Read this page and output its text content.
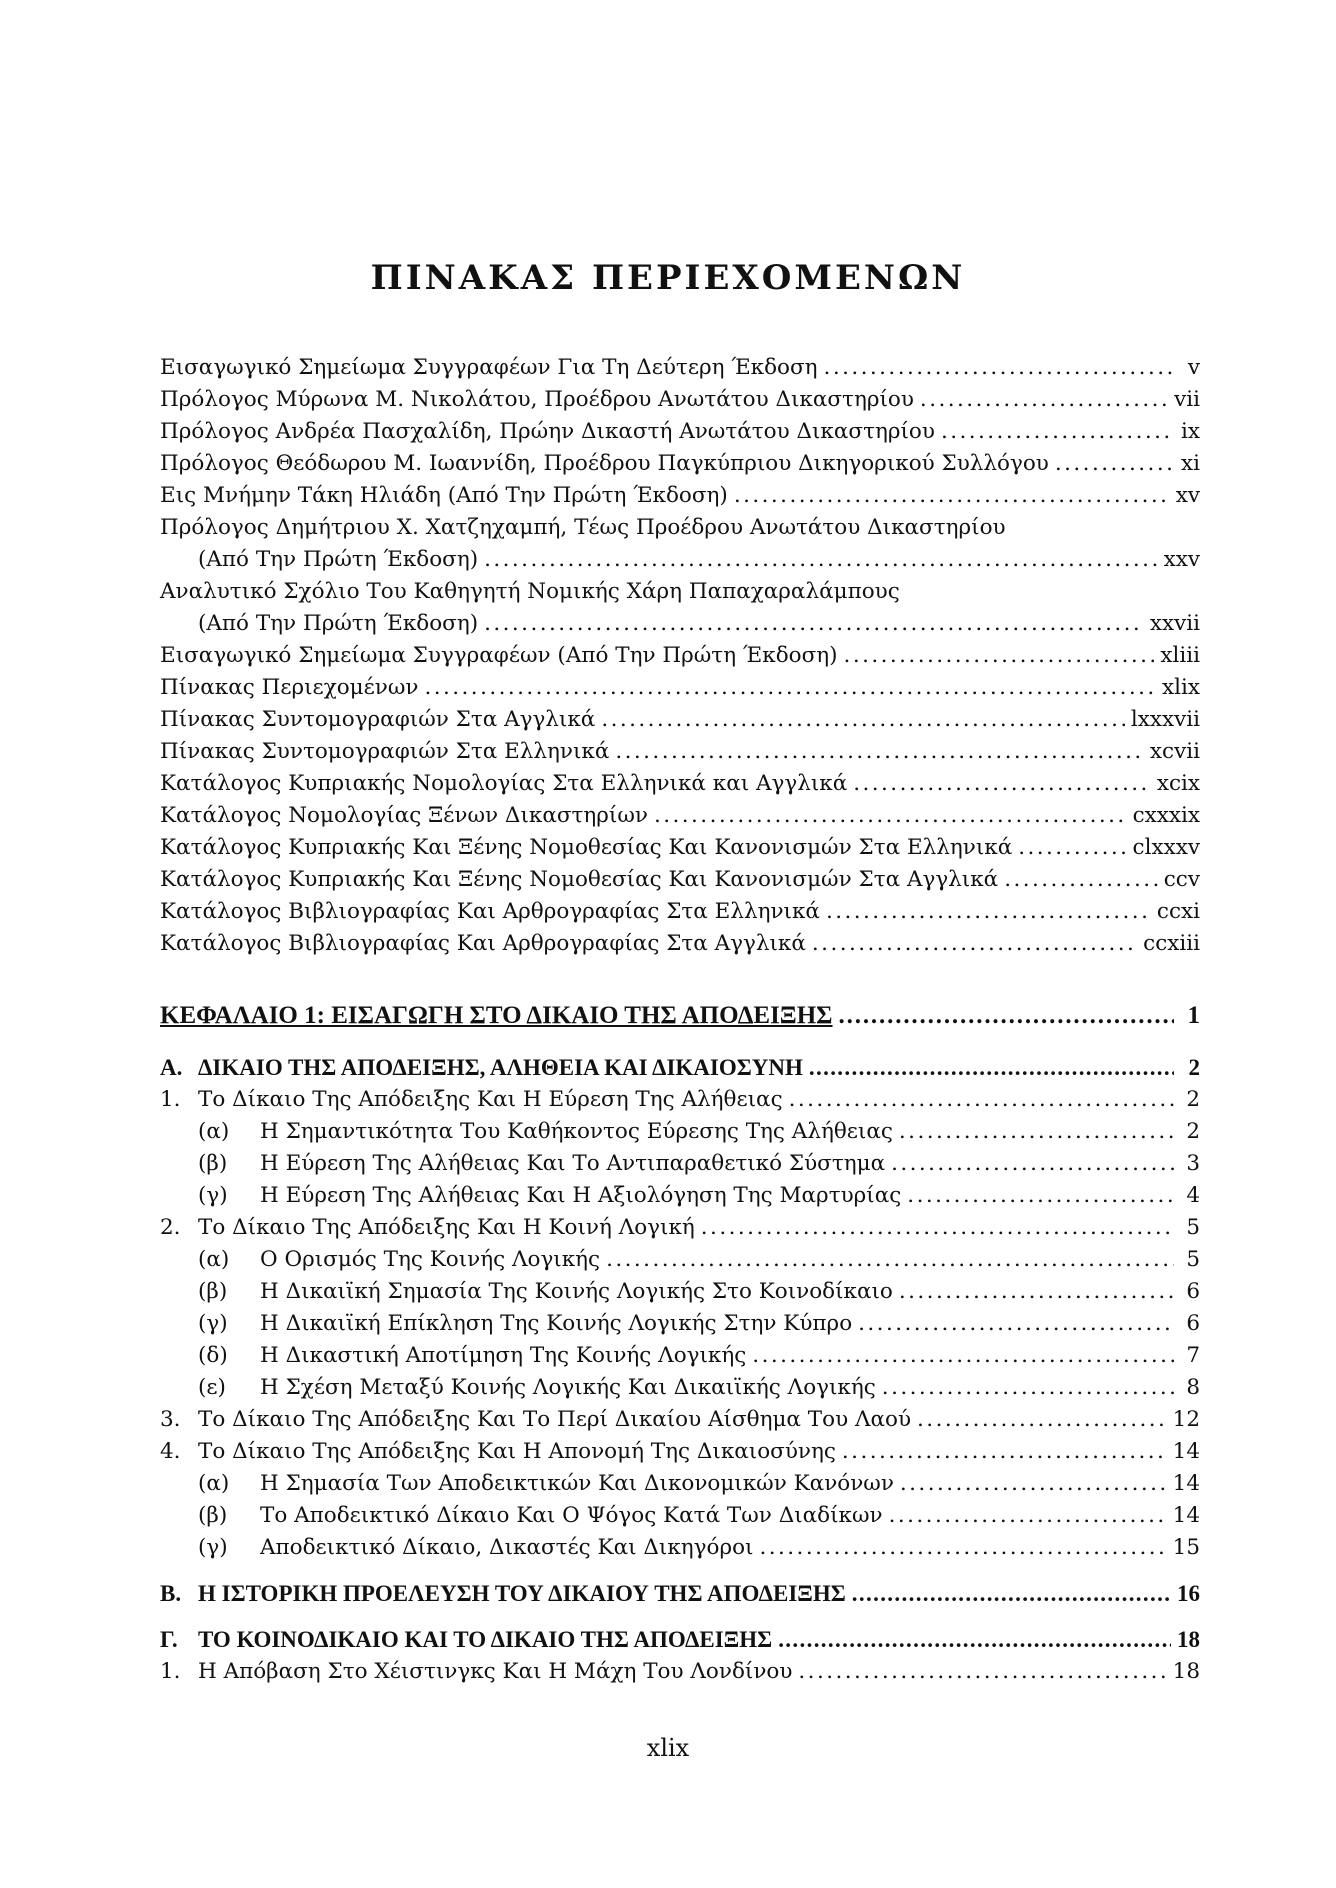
ΠΙΝΑΚΑΣ ΠΕΡΙΕΧΟΜΕΝΩΝ
Εισαγωγικό Σημείωμα Συγγραφέων Για Τη Δεύτερη Έκδοση . . .	v
Πρόλογος Μύρωνα Μ. Νικολάτου, Προέδρου Ανωτάτου Δικαστηρίου . . .	vii
Πρόλογος Ανδρέα Πασχαλίδη, Πρώην Δικαστή Ανωτάτου Δικαστηρίου . . .	ix
Πρόλογος Θεόδωρου Μ. Ιωαννίδη, Προέδρου Παγκύπριου Δικηγορικού Συλλόγου . . .	xi
Εις Μνήμην Τάκη Ηλιάδη (Από Την Πρώτη Έκδοση) . . .	xv
Πρόλογος Δημήτριου Χ. Χατζηχαμπή, Τέως Προέδρου Ανωτάτου Δικαστηρίου
(Από Την Πρώτη Έκδοση) . . .	xxv
Αναλυτικό Σχόλιο Του Καθηγητή Νομικής Χάρη Παπαχαραλάμπους
(Από Την Πρώτη Έκδοση) . . .	xxvii
Εισαγωγικό Σημείωμα Συγγραφέων (Από Την Πρώτη Έκδοση) . . .	xliii
Πίνακας Περιεχομένων . . .	xlix
Πίνακας Συντομογραφιών Στα Αγγλικά . . .	lxxxvii
Πίνακας Συντομογραφιών Στα Ελληνικά . . .	xcvii
Κατάλογος Κυπριακής Νομολογίας Στα Ελληνικά και Αγγλικά . . .	xcix
Κατάλογος Νομολογίας Ξένων Δικαστηρίων . . .	cxxxix
Κατάλογος Κυπριακής Και Ξένης Νομοθεσίας Και Κανονισμών Στα Ελληνικά . . .	clxxxv
Κατάλογος Κυπριακής Και Ξένης Νομοθεσίας Και Κανονισμών Στα Αγγλικά . . .	ccv
Κατάλογος Βιβλιογραφίας Και Αρθρογραφίας Στα Ελληνικά . . .	ccxi
Κατάλογος Βιβλιογραφίας Και Αρθρογραφίας Στα Αγγλικά . . .	ccxiii
ΚΕΦΑΛΑΙΟ 1: ΕΙΣΑΓΩΓΗ ΣΤΟ ΔΙΚΑΙΟ ΤΗΣ ΑΠΟΔΕΙΞΗΣ . . .	1
Α. ΔΙΚΑΙΟ ΤΗΣ ΑΠΟΔΕΙΞΗΣ, ΑΛΗΘΕΙΑ ΚΑΙ ΔΙΚΑΙΟΣΥΝΗ . . .	2
1. Το Δίκαιο Της Απόδειξης Και Η Εύρεση Της Αλήθειας . . .	2
(α)	Η Σημαντικότητα Του Καθήκοντος Εύρεσης Της Αλήθειας . . .	2
(β)	Η Εύρεση Της Αλήθειας Και Το Αντιπαραθετικό Σύστημα . . .	3
(γ)	Η Εύρεση Της Αλήθειας Και Η Αξιολόγηση Της Μαρτυρίας . . .	4
2. Το Δίκαιο Της Απόδειξης Και Η Κοινή Λογική . . .	5
(α)	Ο Ορισμός Της Κοινής Λογικής . . .	5
(β)	Η Δικαιϊκή Σημασία Της Κοινής Λογικής Στο Κοινοδίκαιο . . .	6
(γ)	Η Δικαιϊκή Επίκληση Της Κοινής Λογικής Στην Κύπρο . . .	6
(δ)	Η Δικαστική Αποτίμηση Της Κοινής Λογικής . . .	7
(ε)	Η Σχέση Μεταξύ Κοινής Λογικής Και Δικαιϊκής Λογικής . . .	8
3. Το Δίκαιο Της Απόδειξης Και Το Περί Δικαίου Αίσθημα Του Λαού . . .	12
4. Το Δίκαιο Της Απόδειξης Και Η Απονομή Της Δικαιοσύνης . . .	14
(α)	Η Σημασία Των Αποδεικτικών Και Δικονομικών Κανόνων . . .	14
(β)	Το Αποδεικτικό Δίκαιο Και Ο Ψόγος Κατά Των Διαδίκων . . .	14
(γ)	Αποδεικτικό Δίκαιο, Δικαστές Και Δικηγόροι . . .	15
Β. Η ΙΣΤΟΡΙΚΗ ΠΡΟΕΛΕΥΣΗ ΤΟΥ ΔΙΚΑΙΟΥ ΤΗΣ ΑΠΟΔΕΙΞΗΣ . . .	16
Γ. ΤΟ ΚΟΙΝΟΔΙΚΑΙΟ ΚΑΙ ΤΟ ΔΙΚΑΙΟ ΤΗΣ ΑΠΟΔΕΙΞΗΣ . . .	18
1. Η Απόβαση Στο Χέιστινγκς Και Η Μάχη Του Λονδίνου . . .	18
xlix
